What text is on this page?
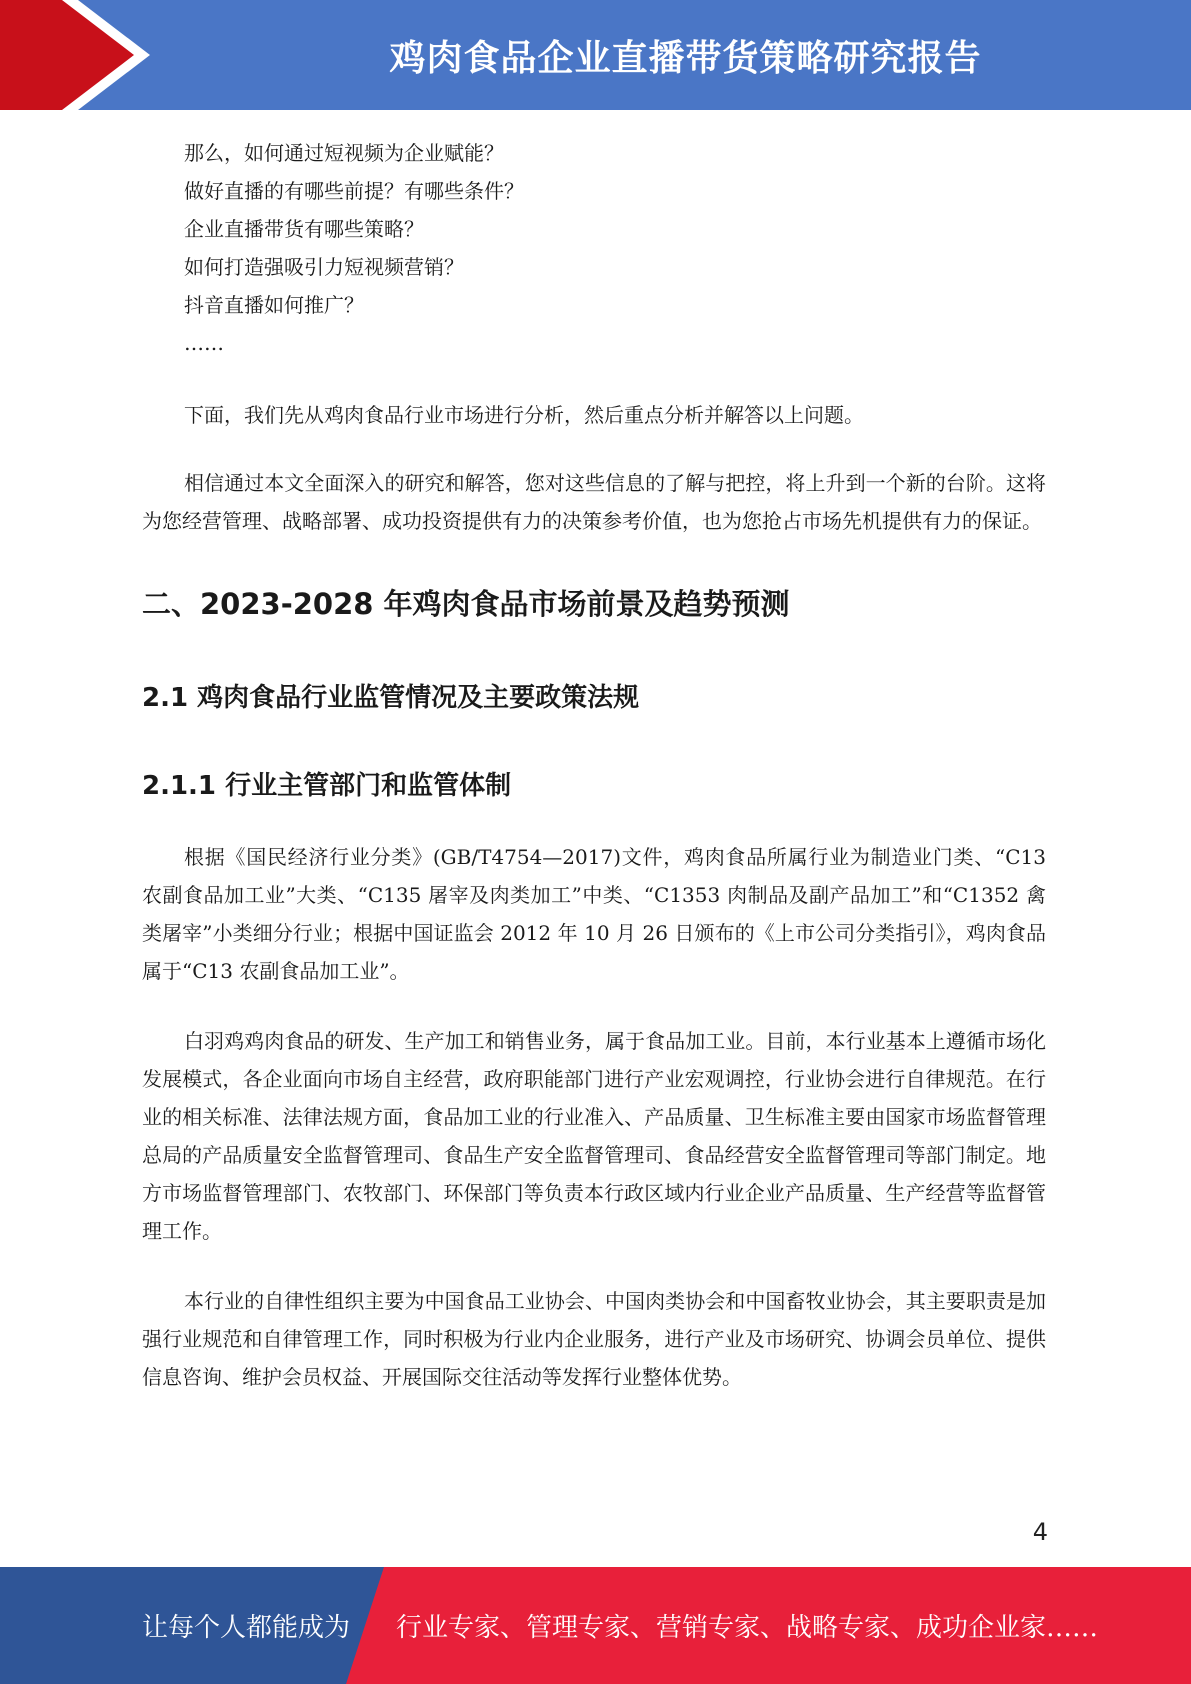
鸡肉食品企业直播带货策略研究报告
那么，如何通过短视频为企业赋能？
做好直播的有哪些前提？有哪些条件？
企业直播带货有哪些策略？
如何打造强吸引力短视频营销？
抖音直播如何推广？
……

下面，我们先从鸡肉食品行业市场进行分析，然后重点分析并解答以上问题。

相信通过本文全面深入的研究和解答，您对这些信息的了解与把控，将上升到一个新的台阶。这将为您经营管理、战略部署、成功投资提供有力的决策参考价值，也为您抢占市场先机提供有力的保证。

二、2023-2028 年鸡肉食品市场前景及趋势预测
2.1 鸡肉食品行业监管情况及主要政策法规
2.1.1 行业主管部门和监管体制

根据《国民经济行业分类》(GB/T4754—2017)文件，鸡肉食品所属行业为制造业门类、“C13 农副食品加工业”大类、“C135 屠宰及肉类加工”中类、“C1353 肉制品及副产品加工”和“C1352 禽类屠宰”小类细分行业；根据中国证监会 2012 年 10 月 26 日颁布的《上市公司分类指引》，鸡肉食品属于“C13 农副食品加工业”。

白羽鸡鸡肉食品的研发、生产加工和销售业务，属于食品加工业。目前，本行业基本上遵循市场化发展模式，各企业面向市场自主经营，政府职能部门进行产业宏观调控，行业协会进行自律规范。在行业的相关标准、法律法规方面，食品加工业的行业准入、产品质量、卫生标准主要由国家市场监督管理总局的产品质量安全监督管理司、食品生产安全监督管理司、食品经营安全监督管理司等部门制定。地方市场监督管理部门、农牧部门、环保部门等负责本行政区域内行业企业产品质量、生产经营等监督管理工作。

本行业的自律性组织主要为中国食品工业协会、中国肉类协会和中国畜牧业协会，其主要职责是加强行业规范和自律管理工作，同时积极为行业内企业服务，进行产业及市场研究、协调会员单位、提供信息咨询、维护会员权益、开展国际交往活动等发挥行业整体优势。

4
让每个人都能成为 行业专家、管理专家、营销专家、战略专家、成功企业家……
